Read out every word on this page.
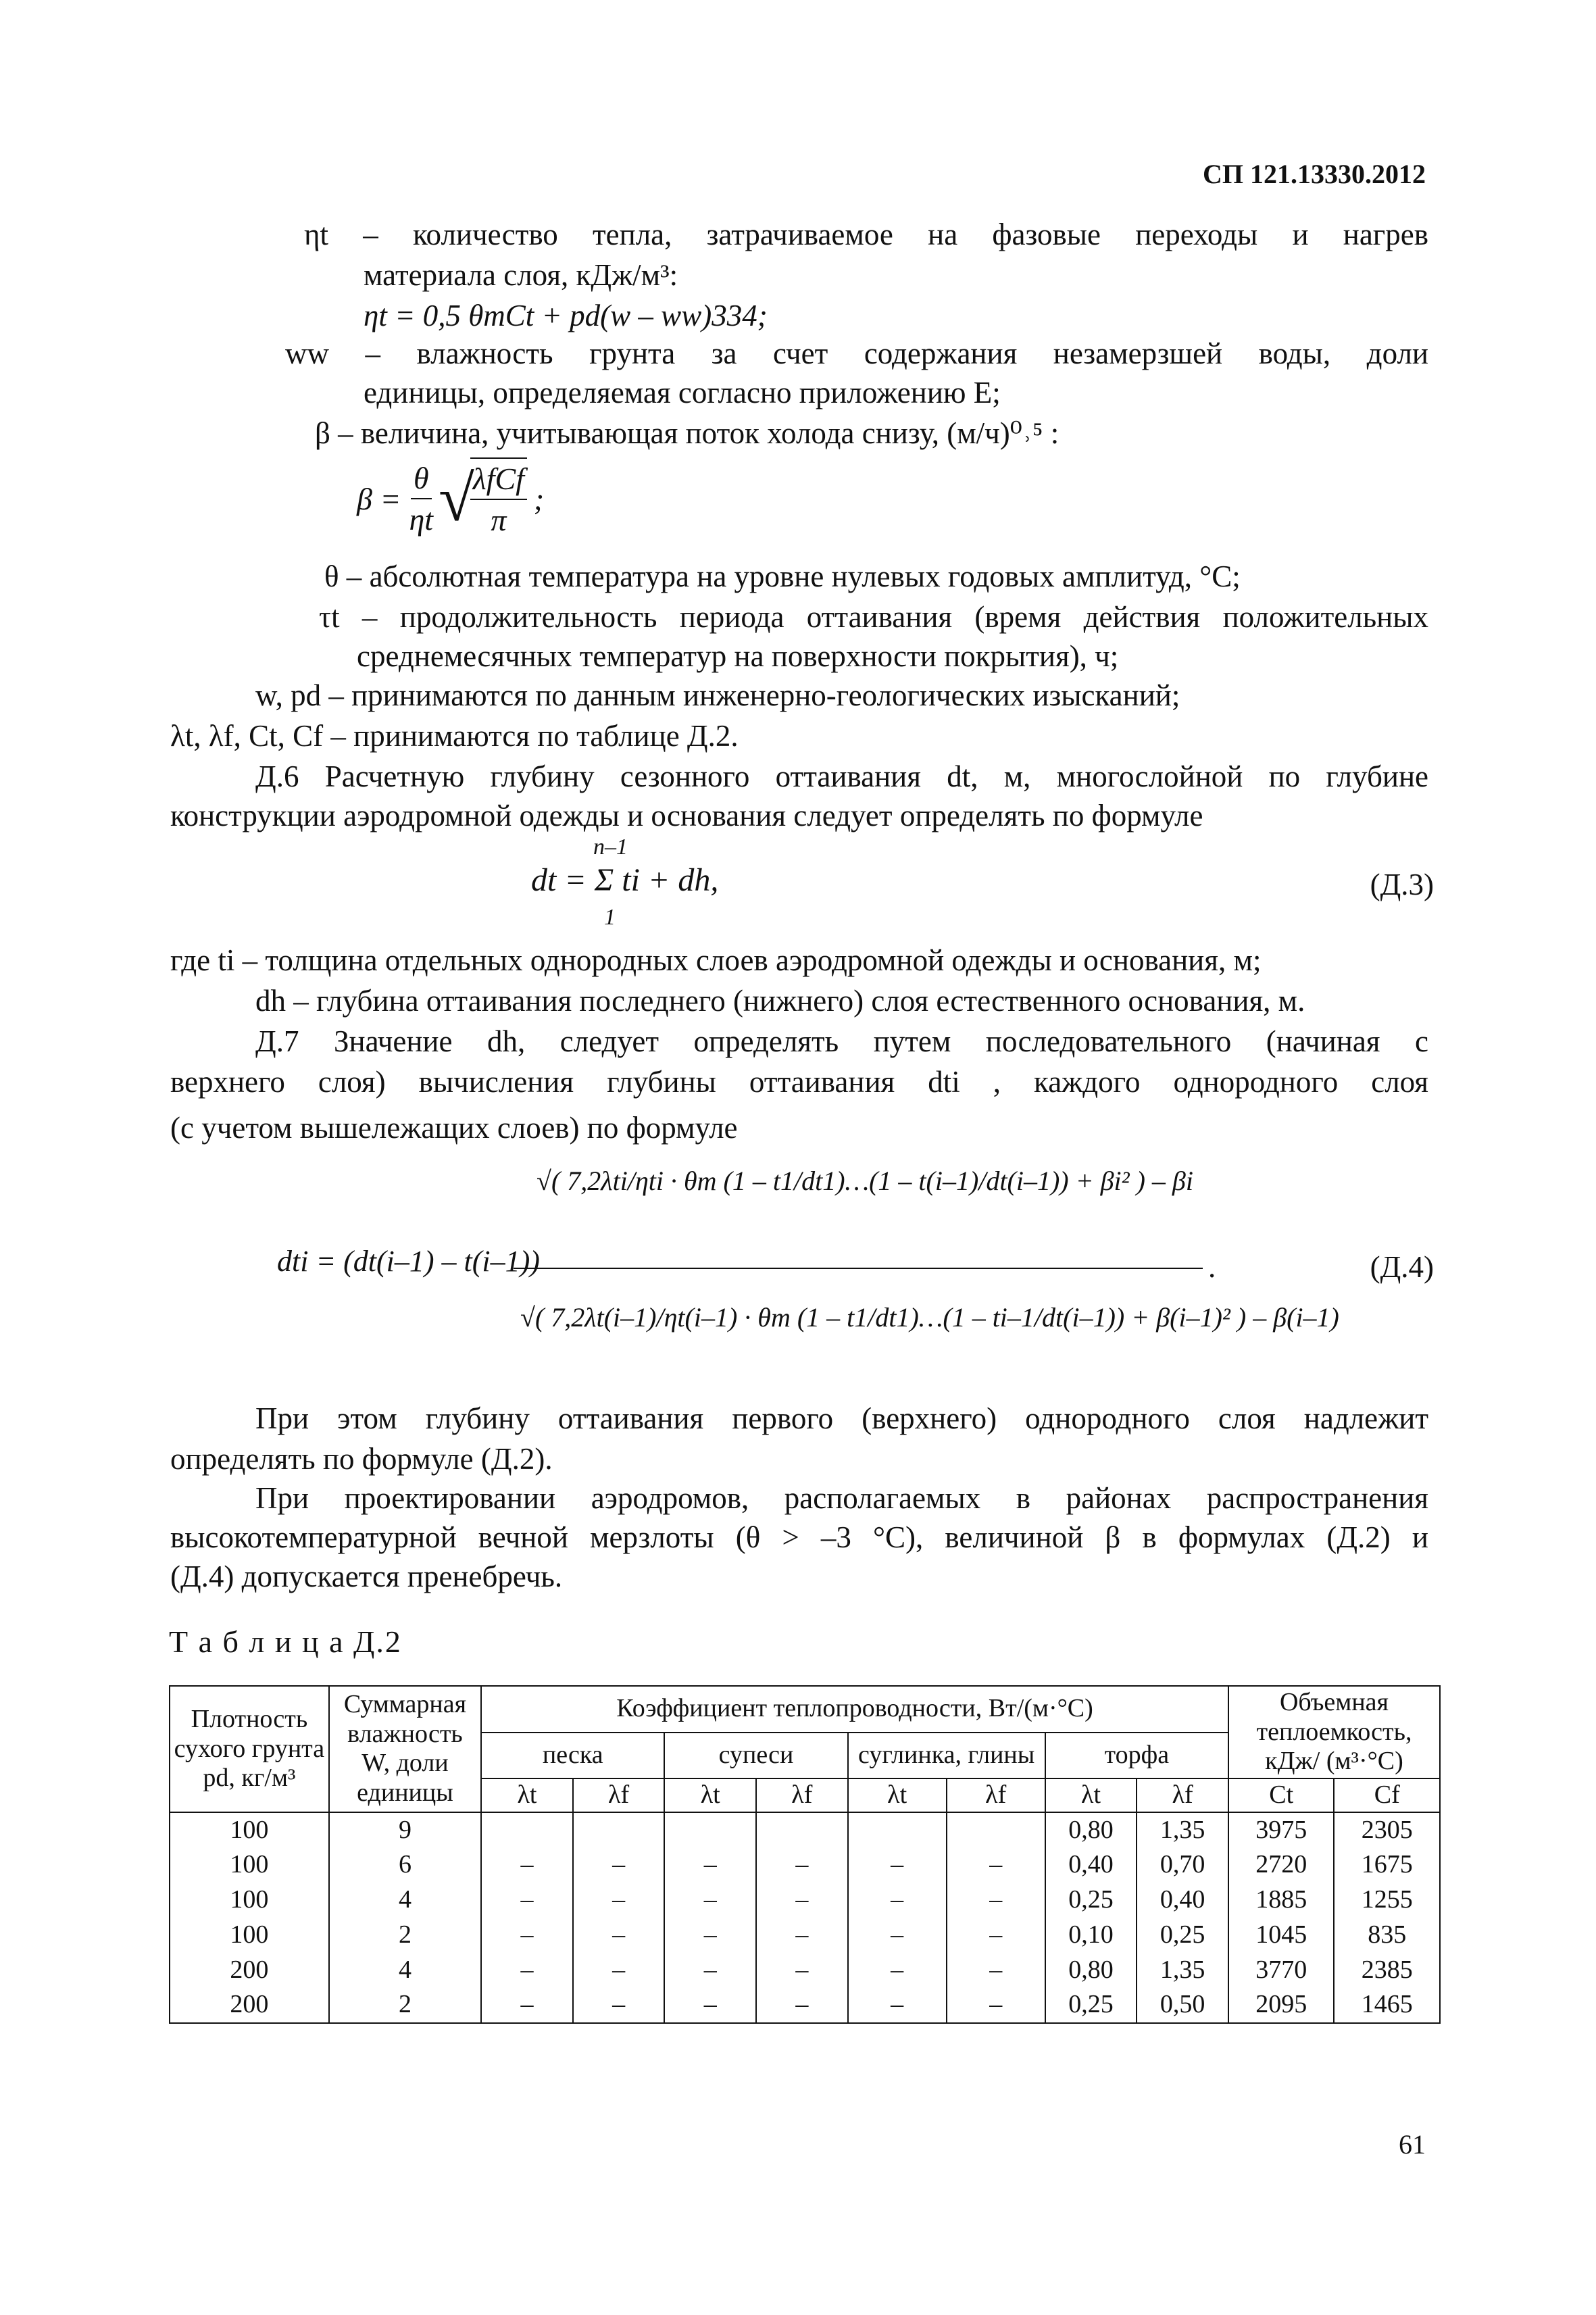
СП 121.13330.2012
ηt – количество тепла, затрачиваемое на фазовые переходы и нагрев
материала слоя, кДж/м³:
ηt = 0,5 θmCt + pd(w – ww)334;
ww – влажность грунта за счет содержания незамерзшей воды, доли
единицы, определяемая согласно приложению Е;
β – величина, учитывающая поток холода снизу, (м/ч)⁰˒⁵ :
$\beta = \frac{\theta}{\eta t}$ √
$\frac{\text{λfCf}}{\pi}$ ;
θ – абсолютная температура на уровне нулевых годовых амплитуд, °С;
τt – продолжительность периода оттаивания (время действия положительных
среднемесячных температур на поверхности покрытия), ч;
w, pd – принимаются по данным инженерно-геологических изысканий;
λt, λf, Ct, Cf – принимаются по таблице Д.2.
Д.6 Расчетную глубину сезонного оттаивания dt, м, многослойной по глубине
конструкции аэродромной одежды и основания следует определять по формуле
n–1
dt = Σ ti + dh,
1
(Д.3)
где ti – толщина отдельных однородных слоев аэродромной одежды и основания, м;
dh – глубина оттаивания последнего (нижнего) слоя естественного основания, м.
Д.7 Значение dh, следует определять путем последовательного (начиная с
верхнего слоя) вычисления глубины оттаивания dti , каждого однородного слоя
(с учетом вышележащих слоев) по формуле
dti = (dt(i–1) – t(i–1))
√( 7,2λti/ηti · θm (1 – t1/dt1)…(1 – t(i–1)/dt(i–1)) + βi² ) – βi
√( 7,2λt(i–1)/ηt(i–1) · θm (1 – t1/dt1)…(1 – ti–1/dt(i–1)) + β(i–1)² ) – β(i–1)
.	(Д.4)
При этом глубину оттаивания первого (верхнего) однородного слоя надлежит
определять по формуле (Д.2).
При проектировании аэродромов, располагаемых в районах распространения
высокотемпературной вечной мерзлоты (θ > –3 °С), величиной β в формулах (Д.2) и
(Д.4) допускается пренебречь.
Т а б л и ц а Д.2
Плотность сухого грунта pd, кг/м³	Суммарная влажность W, доли единицы	Коэффициент теплопроводности, Вт/(м·°С)								Объемная теплоемкость, кДж/ (м³·°С)	
		песка		супеси		суглинка, глины		торфа			
		λt	λf	λt	λf	λt	λf	λt	λf	Ct	Cf
100	9							0,80	1,35	3975	2305
100	6	–	–	–	–	–	–	0,40	0,70	2720	1675
100	4	–	–	–	–	–	–	0,25	0,40	1885	1255
100	2	–	–	–	–	–	–	0,10	0,25	1045	835
200	4	–	–	–	–	–	–	0,80	1,35	3770	2385
200	2	–	–	–	–	–	–	0,25	0,50	2095	1465
61
